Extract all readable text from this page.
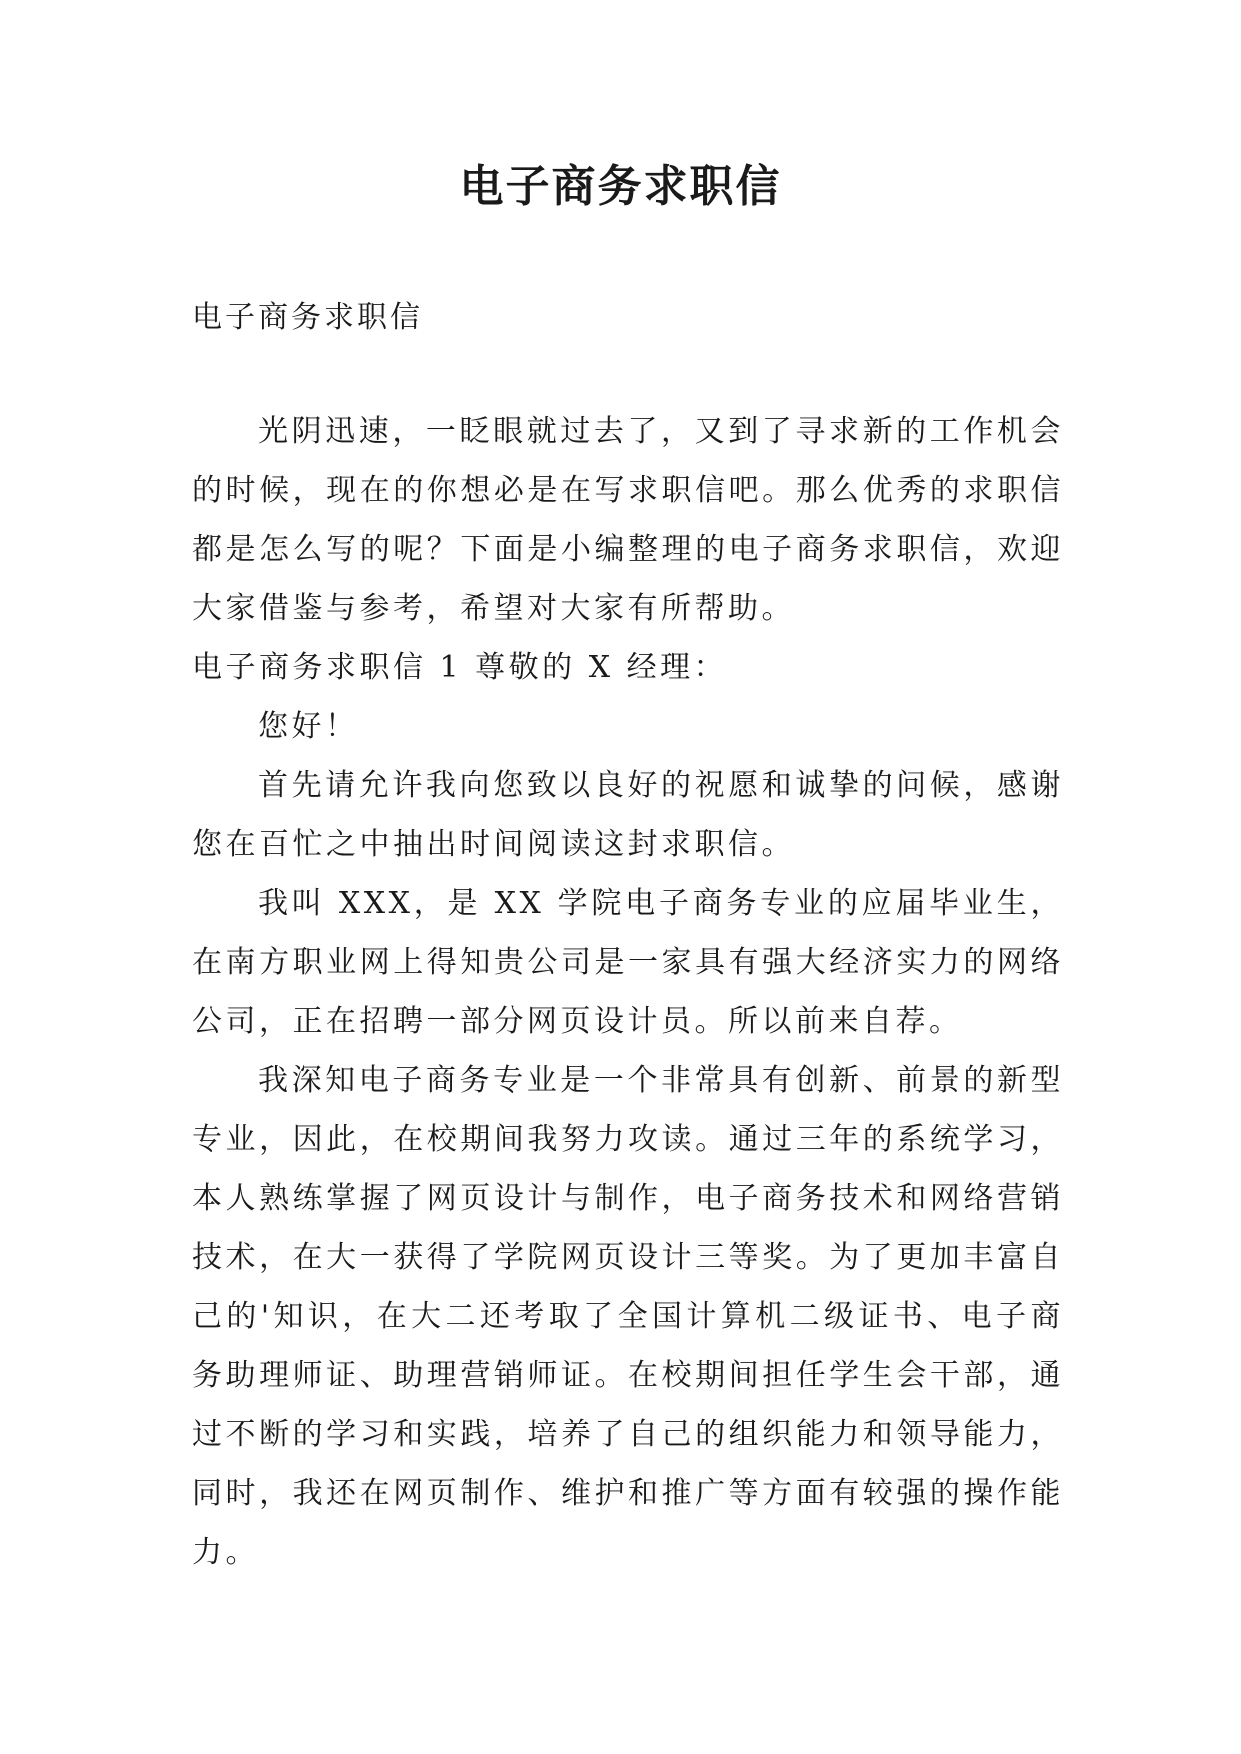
电子商务求职信
电子商务求职信

光阴迅速，一眨眼就过去了，又到了寻求新的工作机会的时候，现在的你想必是在写求职信吧。那么优秀的求职信都是怎么写的呢？下面是小编整理的电子商务求职信，欢迎大家借鉴与参考，希望对大家有所帮助。

电子商务求职信 1 尊敬的 X 经理：

您好！

首先请允许我向您致以良好的祝愿和诚挚的问候，感谢您在百忙之中抽出时间阅读这封求职信。

我叫 XXX，是 XX 学院电子商务专业的应届毕业生，在南方职业网上得知贵公司是一家具有强大经济实力的网络公司，正在招聘一部分网页设计员。所以前来自荐。

我深知电子商务专业是一个非常具有创新、前景的新型专业，因此，在校期间我努力攻读。通过三年的系统学习，本人熟练掌握了网页设计与制作，电子商务技术和网络营销技术，在大一获得了学院网页设计三等奖。为了更加丰富自己的'知识，在大二还考取了全国计算机二级证书、电子商务助理师证、助理营销师证。在校期间担任学生会干部，通过不断的学习和实践，培养了自己的组织能力和领导能力，同时，我还在网页制作、维护和推广等方面有较强的操作能力。
